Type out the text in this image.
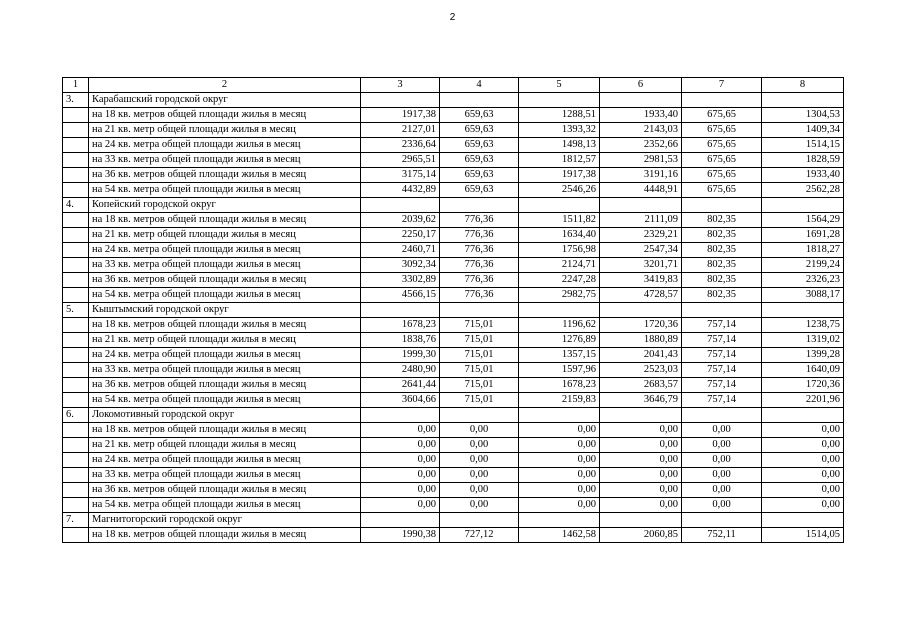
2
1	2	3	4	5	6	7	8
3.	Карабашский городской округ						
	на 18 кв. метров общей площади жилья в месяц	1917,38	659,63	1288,51	1933,40	675,65	1304,53
	на 21 кв. метр общей площади жилья в месяц	2127,01	659,63	1393,32	2143,03	675,65	1409,34
	на 24 кв. метра общей площади жилья в месяц	2336,64	659,63	1498,13	2352,66	675,65	1514,15
	на 33 кв. метра общей площади жилья в месяц	2965,51	659,63	1812,57	2981,53	675,65	1828,59
	на 36 кв. метров общей площади жилья в месяц	3175,14	659,63	1917,38	3191,16	675,65	1933,40
	на 54 кв. метра общей площади жилья в месяц	4432,89	659,63	2546,26	4448,91	675,65	2562,28
4.	Копейский городской округ						
	на 18 кв. метров общей площади жилья в месяц	2039,62	776,36	1511,82	2111,09	802,35	1564,29
	на 21 кв. метр общей площади жилья в месяц	2250,17	776,36	1634,40	2329,21	802,35	1691,28
	на 24 кв. метра общей площади жилья в месяц	2460,71	776,36	1756,98	2547,34	802,35	1818,27
	на 33 кв. метра общей площади жилья в месяц	3092,34	776,36	2124,71	3201,71	802,35	2199,24
	на 36 кв. метров общей площади жилья в месяц	3302,89	776,36	2247,28	3419,83	802,35	2326,23
	на 54 кв. метра общей площади жилья в месяц	4566,15	776,36	2982,75	4728,57	802,35	3088,17
5.	Кыштымский городской округ						
	на 18 кв. метров общей площади жилья в месяц	1678,23	715,01	1196,62	1720,36	757,14	1238,75
	на 21 кв. метр общей площади жилья в месяц	1838,76	715,01	1276,89	1880,89	757,14	1319,02
	на 24 кв. метра общей площади жилья в месяц	1999,30	715,01	1357,15	2041,43	757,14	1399,28
	на 33 кв. метра общей площади жилья в месяц	2480,90	715,01	1597,96	2523,03	757,14	1640,09
	на 36 кв. метров общей площади жилья в месяц	2641,44	715,01	1678,23	2683,57	757,14	1720,36
	на 54 кв. метра общей площади жилья в месяц	3604,66	715,01	2159,83	3646,79	757,14	2201,96
6.	Локомотивный городской округ						
	на 18 кв. метров общей площади жилья в месяц	0,00	0,00	0,00	0,00	0,00	0,00
	на 21 кв. метр общей площади жилья в месяц	0,00	0,00	0,00	0,00	0,00	0,00
	на 24 кв. метра общей площади жилья в месяц	0,00	0,00	0,00	0,00	0,00	0,00
	на 33 кв. метра общей площади жилья в месяц	0,00	0,00	0,00	0,00	0,00	0,00
	на 36 кв. метров общей площади жилья в месяц	0,00	0,00	0,00	0,00	0,00	0,00
	на 54 кв. метра общей площади жилья в месяц	0,00	0,00	0,00	0,00	0,00	0,00
7.	Магнитогорский городской округ						
	на 18 кв. метров общей площади жилья в месяц	1990,38	727,12	1462,58	2060,85	752,11	1514,05
